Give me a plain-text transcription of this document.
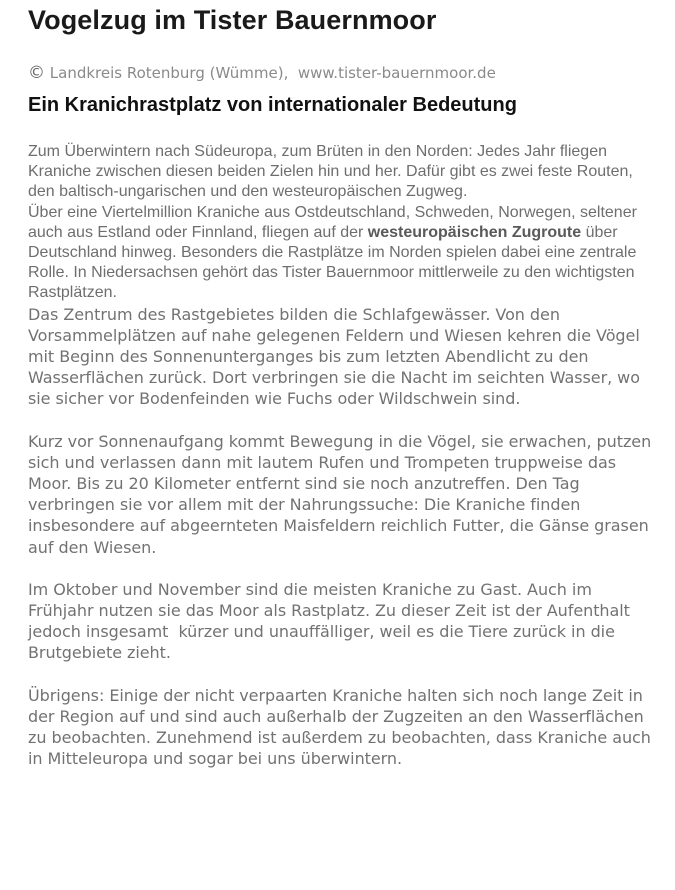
Vogelzug im Tister Bauernmoor
© Landkreis Rotenburg (Wümme),  www.tister-bauernmoor.de
Ein Kranichrastplatz von internationaler Bedeutung

Zum Überwintern nach Südeuropa, zum Brüten in den Norden: Jedes Jahr fliegen Kraniche zwischen diesen beiden Zielen hin und her. Dafür gibt es zwei feste Routen, den baltisch-ungarischen und den westeuropäischen Zugweg.

Über eine Viertelmillion Kraniche aus Ostdeutschland, Schweden, Norwegen, seltener auch aus Estland oder Finnland, fliegen auf der westeuropäischen Zugroute über Deutschland hinweg. Besonders die Rastplätze im Norden spielen dabei eine zentrale Rolle. In Niedersachsen gehört das Tister Bauernmoor mittlerweile zu den wichtigsten Rastplätzen.

Das Zentrum des Rastgebietes bilden die Schlafgewässer. Von den Vorsammelplätzen auf nahe gelegenen Feldern und Wiesen kehren die Vögel mit Beginn des Sonnenunterganges bis zum letzten Abendlicht zu den Wasserflächen zurück. Dort verbringen sie die Nacht im seichten Wasser, wo sie sicher vor Bodenfeinden wie Fuchs oder Wildschwein sind.

Kurz vor Sonnenaufgang kommt Bewegung in die Vögel, sie erwachen, putzen sich und verlassen dann mit lautem Rufen und Trompeten truppweise das Moor. Bis zu 20 Kilometer entfernt sind sie noch anzutreffen. Den Tag verbringen sie vor allem mit der Nahrungssuche: Die Kraniche finden insbesondere auf abgeernteten Maisfeldern reichlich Futter, die Gänse grasen auf den Wiesen.

Im Oktober und November sind die meisten Kraniche zu Gast. Auch im Frühjahr nutzen sie das Moor als Rastplatz. Zu dieser Zeit ist der Aufenthalt jedoch insgesamt  kürzer und unauffälliger, weil es die Tiere zurück in die Brutgebiete zieht.

Übrigens: Einige der nicht verpaarten Kraniche halten sich noch lange Zeit in der Region auf und sind auch außerhalb der Zugzeiten an den Wasserflächen zu beobachten. Zunehmend ist außerdem zu beobachten, dass Kraniche auch in Mitteleuropa und sogar bei uns überwintern.
